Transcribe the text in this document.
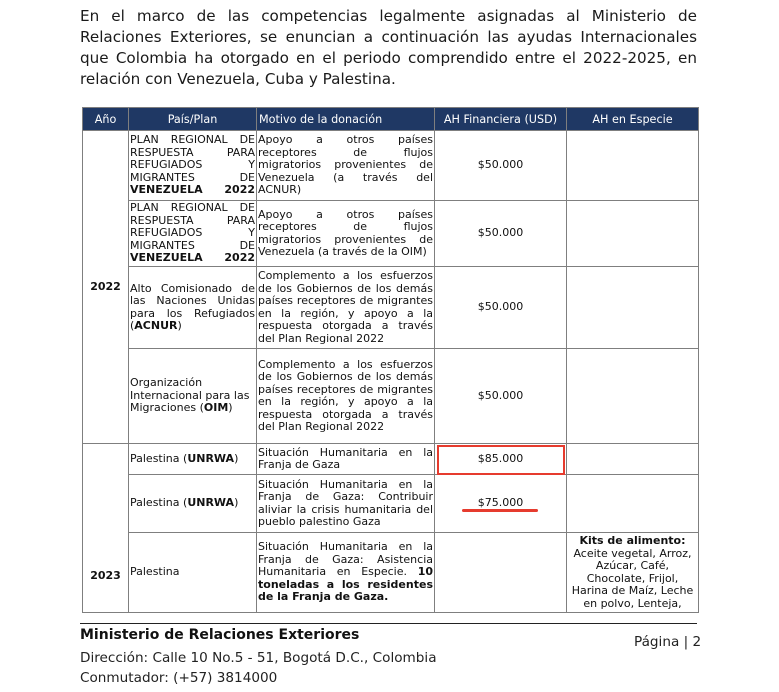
En el marco de las competencias legalmente asignadas al Ministerio de Relaciones Exteriores, se enuncian a continuación las ayudas Internacionales que Colombia ha otorgado en el periodo comprendido entre el 2022-2025, en relación con Venezuela, Cuba y Palestina.

Año	País/Plan	Motivo de la donación	AH Financiera (USD)	AH en Especie
2022	PLAN REGIONAL DE RESPUESTA PARA REFUGIADOS Y MIGRANTES DE VENEZUELA 2022	Apoyo a otros países receptores de flujos migratorios provenientes de Venezuela (a través del ACNUR)	$50.000	
	PLAN REGIONAL DE RESPUESTA PARA REFUGIADOS Y MIGRANTES DE VENEZUELA 2022	Apoyo a otros países receptores de flujos migratorios provenientes de Venezuela (a través de la OIM)	$50.000	
	Alto Comisionado de las Naciones Unidas para los Refugiados (ACNUR)	Complemento a los esfuerzos de los Gobiernos de los demás países receptores de migrantes en la región, y apoyo a la respuesta otorgada a través del Plan Regional 2022	$50.000	
	Organización Internacional para las Migraciones (OIM)	Complemento a los esfuerzos de los Gobiernos de los demás países receptores de migrantes en la región, y apoyo a la respuesta otorgada a través del Plan Regional 2022	$50.000	
2023	Palestina (UNRWA)	Situación Humanitaria en la Franja de Gaza	$85.000	
	Palestina (UNRWA)	Situación Humanitaria en la Franja de Gaza: Contribuir aliviar la crisis humanitaria del pueblo palestino Gaza	$75.000	
	Palestina	Situación Humanitaria en la Franja de Gaza: Asistencia Humanitaria en Especie. 10 toneladas a los residentes de la Franja de Gaza.		Kits de alimento:
Aceite vegetal, Arroz, Azúcar, Café, Chocolate, Frijol, Harina de Maíz, Leche en polvo, Lenteja,
Ministerio de Relaciones Exteriores
Dirección: Calle 10 No.5 - 51, Bogotá D.C., Colombia
Conmutador: (+57) 3814000
Página | 2
